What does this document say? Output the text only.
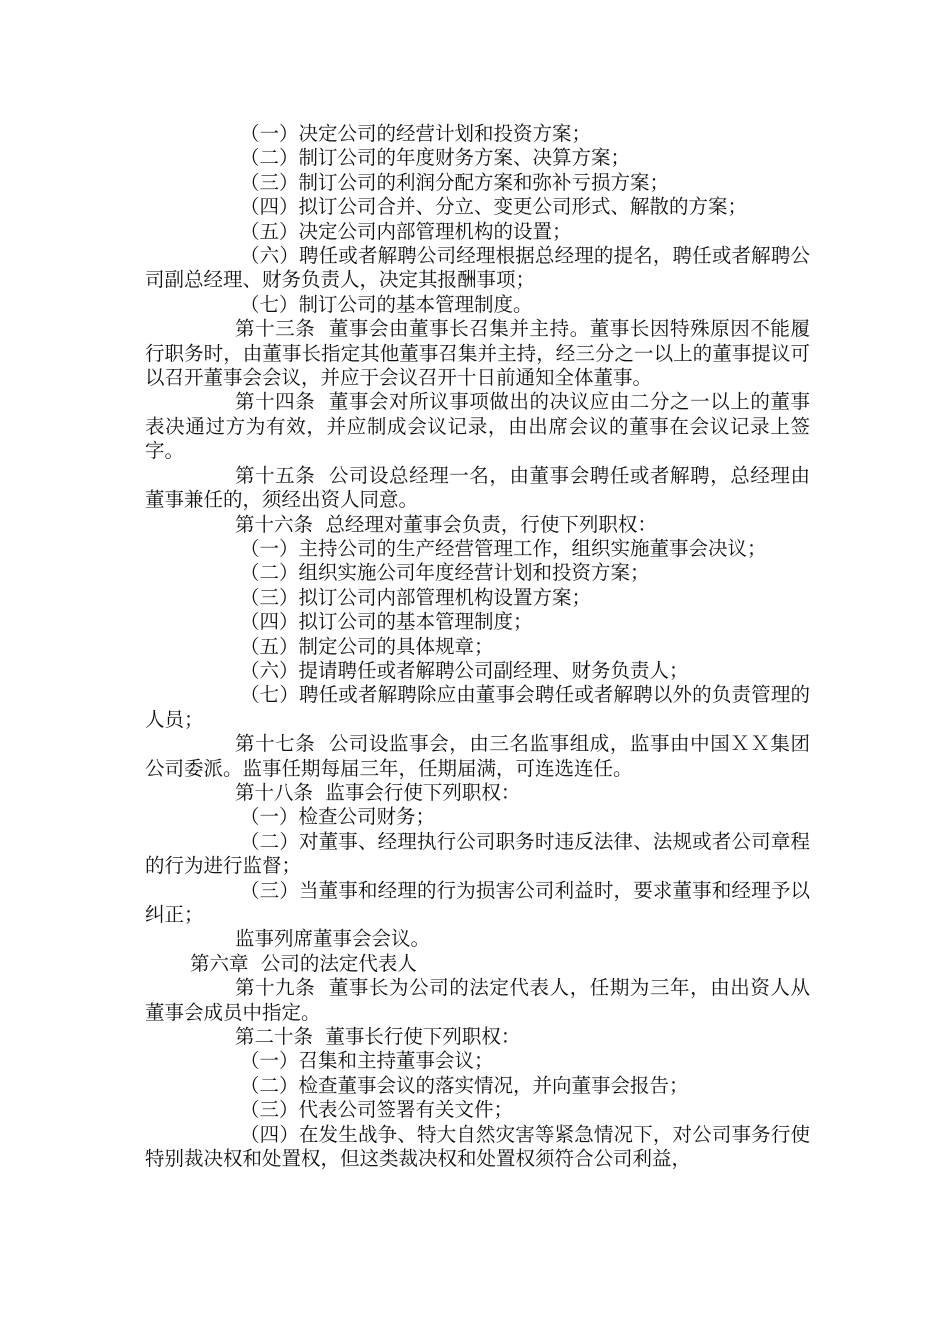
（一）决定公司的经营计划和投资方案；

（二）制订公司的年度财务方案、决算方案；

（三）制订公司的利润分配方案和弥补亏损方案；

（四）拟订公司合并、分立、变更公司形式、解散的方案；

（五）决定公司内部管理机构的设置；

（六）聘任或者解聘公司经理根据总经理的提名，聘任或者解聘公司副总经理、财务负责人，决定其报酬事项；

（七）制订公司的基本管理制度。

第十三条  董事会由董事长召集并主持。董事长因特殊原因不能履行职务时，由董事长指定其他董事召集并主持，经三分之一以上的董事提议可以召开董事会会议，并应于会议召开十日前通知全体董事。

第十四条  董事会对所议事项做出的决议应由二分之一以上的董事表决通过方为有效，并应制成会议记录，由出席会议的董事在会议记录上签字。

第十五条  公司设总经理一名，由董事会聘任或者解聘，总经理由董事兼任的，须经出资人同意。

第十六条  总经理对董事会负责，行使下列职权：

（一）主持公司的生产经营管理工作，组织实施董事会决议；

（二）组织实施公司年度经营计划和投资方案；

（三）拟订公司内部管理机构设置方案；

（四）拟订公司的基本管理制度；

（五）制定公司的具体规章；

（六）提请聘任或者解聘公司副经理、财务负责人；

（七）聘任或者解聘除应由董事会聘任或者解聘以外的负责管理的人员；

第十七条  公司设监事会，由三名监事组成，监事由中国ＸＸ集团公司委派。监事任期每届三年，任期届满，可连选连任。

第十八条  监事会行使下列职权：

（一）检查公司财务；

（二）对董事、经理执行公司职务时违反法律、法规或者公司章程的行为进行监督；

（三）当董事和经理的行为损害公司利益时，要求董事和经理予以纠正；

监事列席董事会会议。

第六章  公司的法定代表人

第十九条  董事长为公司的法定代表人，任期为三年，由出资人从董事会成员中指定。

第二十条  董事长行使下列职权：

（一）召集和主持董事会议；

（二）检查董事会议的落实情况，并向董事会报告；

（三）代表公司签署有关文件；

（四）在发生战争、特大自然灾害等紧急情况下，对公司事务行使特别裁决权和处置权，但这类裁决权和处置权须符合公司利益，
